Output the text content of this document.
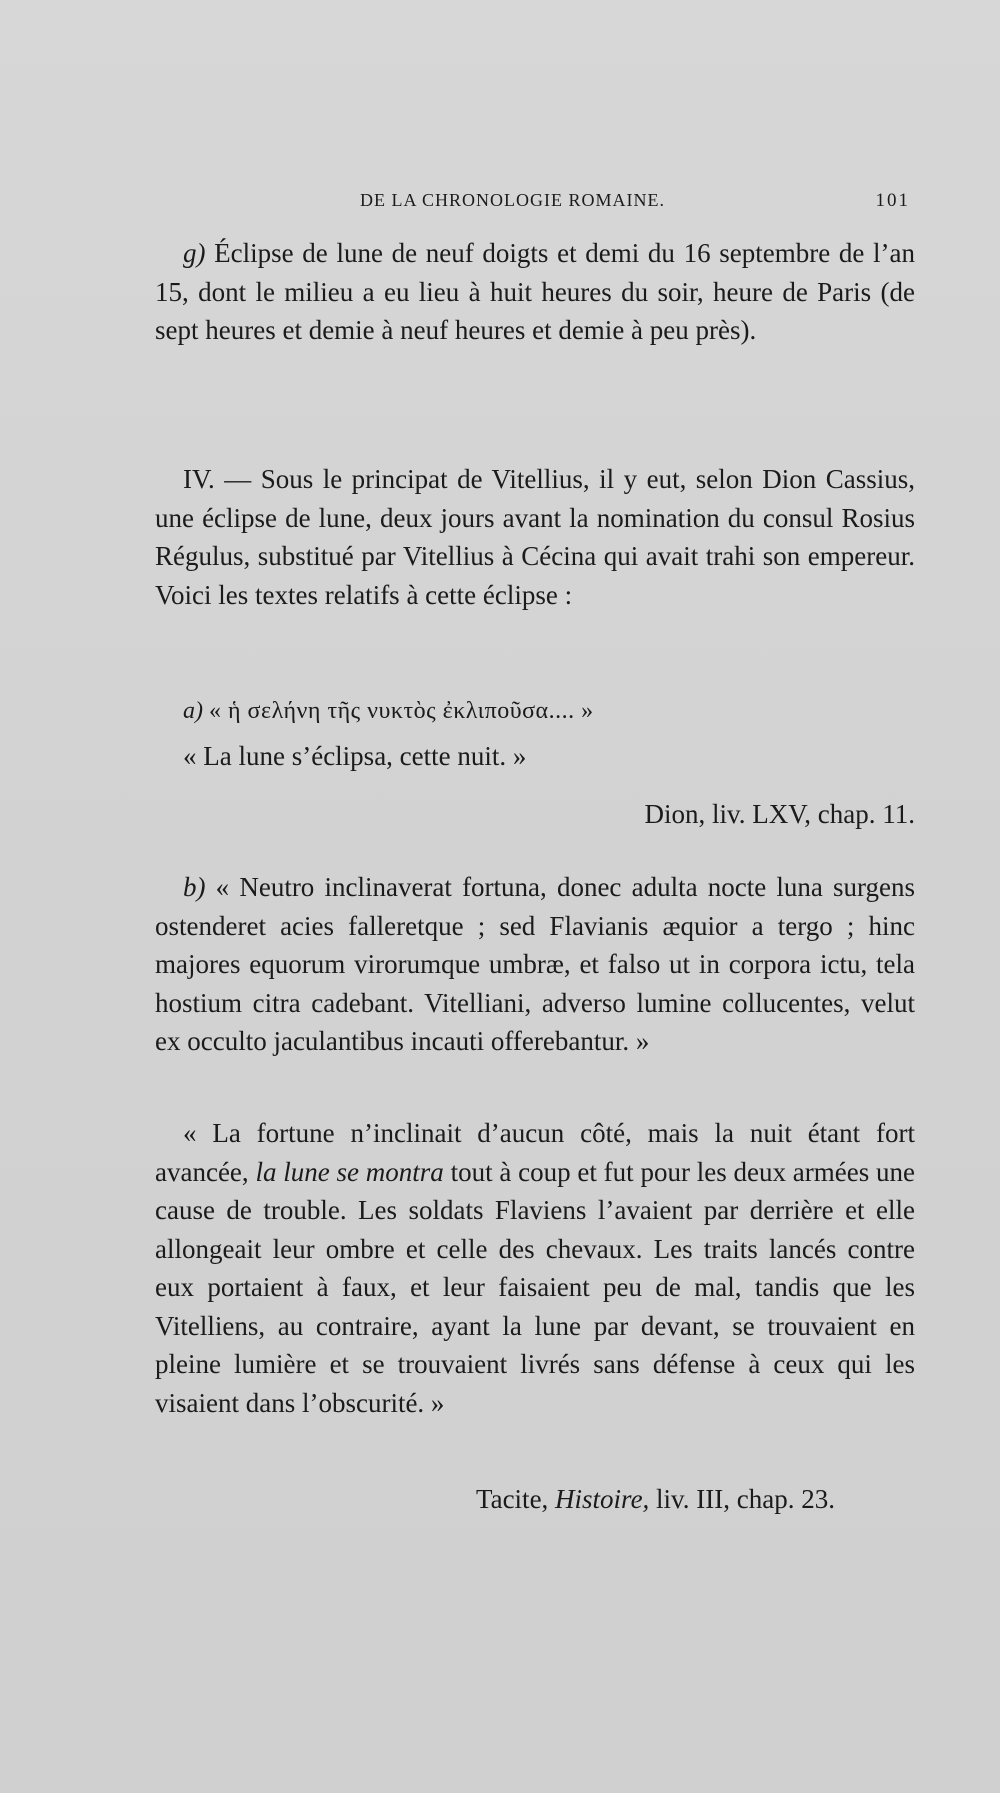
DE LA CHRONOLOGIE ROMAINE.	101
g) Éclipse de lune de neuf doigts et demi du 16 septembre de l’an 15, dont le milieu a eu lieu à huit heures du soir, heure de Paris (de sept heures et demie à neuf heures et demie à peu près).
IV. — Sous le principat de Vitellius, il y eut, selon Dion Cassius, une éclipse de lune, deux jours avant la nomination du consul Rosius Régulus, substitué par Vitellius à Cécina qui avait trahi son empereur. Voici les textes relatifs à cette éclipse :
a) « ἡ σελήνη τῆς νυκτὸς ἐκλιποῦσα.... »
« La lune s’éclipsa, cette nuit. »
Dion, liv. LXV, chap. 11.
b) « Neutro inclinaverat fortuna, donec adulta nocte luna surgens ostenderet acies falleretque ; sed Flavianis æquior a tergo ; hinc majores equorum virorumque umbræ, et falso ut in corpora ictu, tela hostium citra cadebant. Vitelliani, adverso lumine collucentes, velut ex occulto jaculantibus incauti offerebantur. »
« La fortune n’inclinait d’aucun côté, mais la nuit étant fort avancée, la lune se montra tout à coup et fut pour les deux armées une cause de trouble. Les soldats Flaviens l’avaient par derrière et elle allongeait leur ombre et celle des chevaux. Les traits lancés contre eux portaient à faux, et leur faisaient peu de mal, tandis que les Vitelliens, au contraire, ayant la lune par devant, se trouvaient en pleine lumière et se trouvaient livrés sans défense à ceux qui les visaient dans l’obscurité. »
Tacite, Histoire, liv. III, chap. 23.
